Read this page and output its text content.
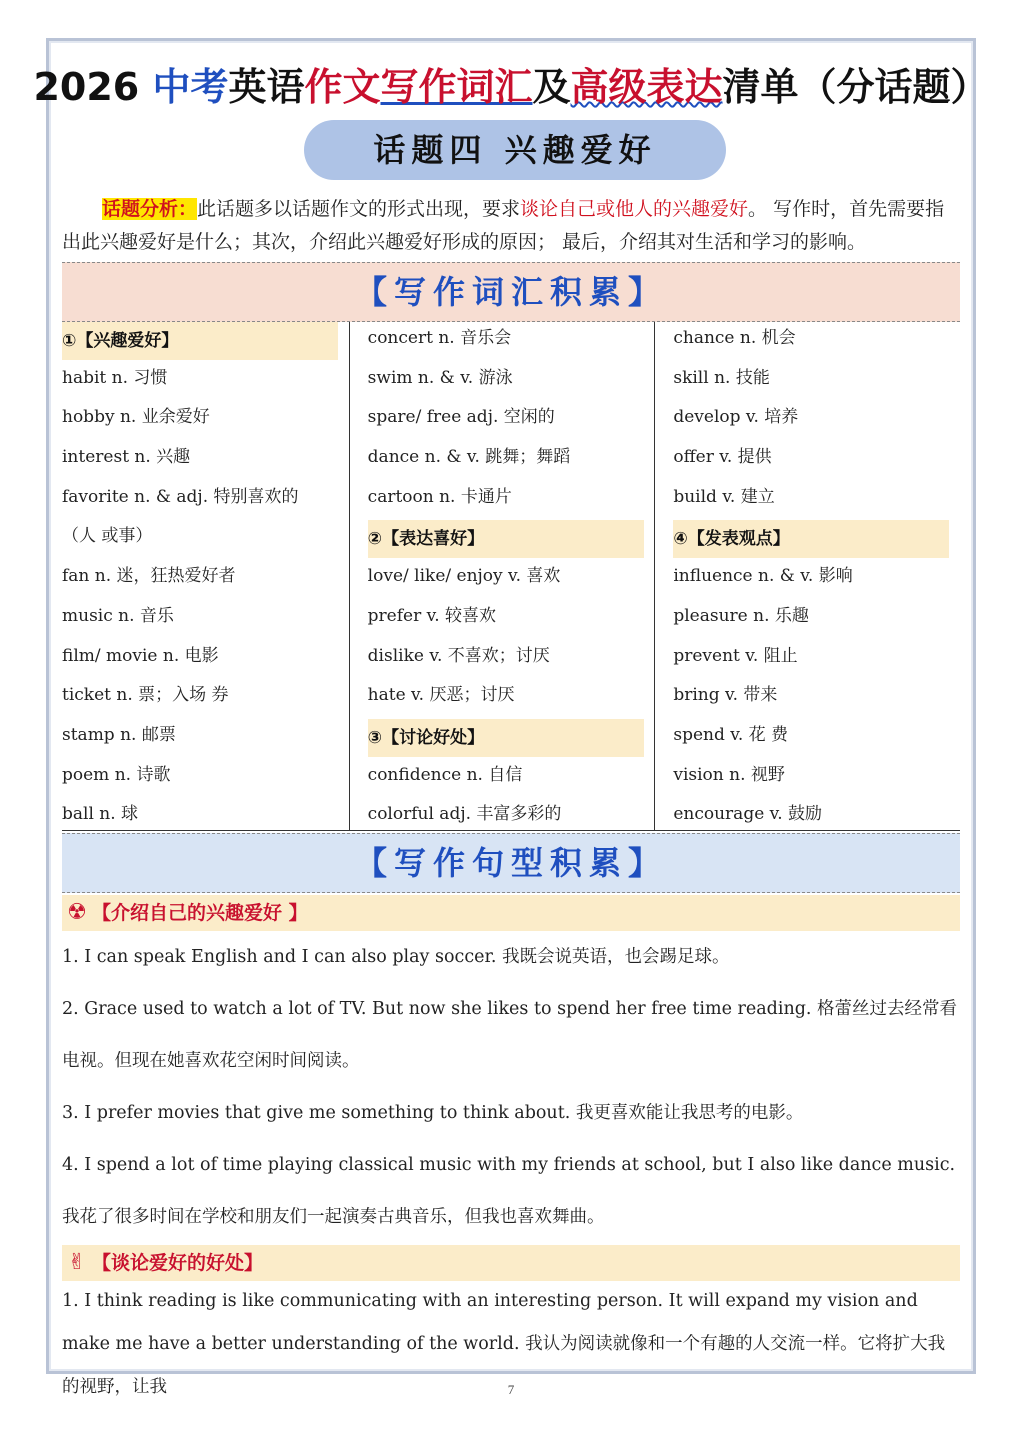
2026 中考英语作文写作词汇及高级表达清单（分话题）
话题四 兴趣爱好
话题分析：此话题多以话题作文的形式出现，要求谈论自己或他人的兴趣爱好。 写作时，首先需要指出此兴趣爱好是什么；其次，介绍此兴趣爱好形成的原因； 最后，介绍其对生活和学习的影响。
【写作词汇积累】
①【兴趣爱好】
habit n. 习惯
hobby n. 业余爱好
interest n. 兴趣
favorite n. & adj. 特别喜欢的
（人 或事）
fan n. 迷，狂热爱好者
music n. 音乐
film/ movie n. 电影
ticket n. 票；入场 券
stamp n. 邮票
poem n. 诗歌
ball n. 球
concert n. 音乐会
swim n. & v. 游泳
spare/ free adj. 空闲的
dance n. & v. 跳舞；舞蹈
cartoon n. 卡通片
②【表达喜好】
love/ like/ enjoy v. 喜欢
prefer v. 较喜欢
dislike v. 不喜欢；讨厌
hate v. 厌恶；讨厌
③【讨论好处】
confidence n. 自信
colorful adj. 丰富多彩的
chance n. 机会
skill n. 技能
develop v. 培养
offer v. 提供
build v. 建立
④【发表观点】
influence n. & v. 影响
pleasure n. 乐趣
prevent v. 阻止
bring v. 带来
spend v. 花 费
vision n. 视野
encourage v. 鼓励
【写作句型积累】
☢ 【介绍自己的兴趣爱好 】
1. I can speak English and I can also play soccer. 我既会说英语，也会踢足球。
2. Grace used to watch a lot of TV. But now she likes to spend her free time reading. 格蕾丝过去经常看电视。但现在她喜欢花空闲时间阅读。
3. I prefer movies that give me something to think about. 我更喜欢能让我思考的电影。
4. I spend a lot of time playing classical music with my friends at school, but I also like dance music.我花了很多时间在学校和朋友们一起演奏古典音乐，但我也喜欢舞曲。
✌ 【谈论爱好的好处】
1. I think reading is like communicating with an interesting person. It will expand my vision and make me have a better understanding of the world. 我认为阅读就像和一个有趣的人交流一样。它将扩大我的视野，让我	7
